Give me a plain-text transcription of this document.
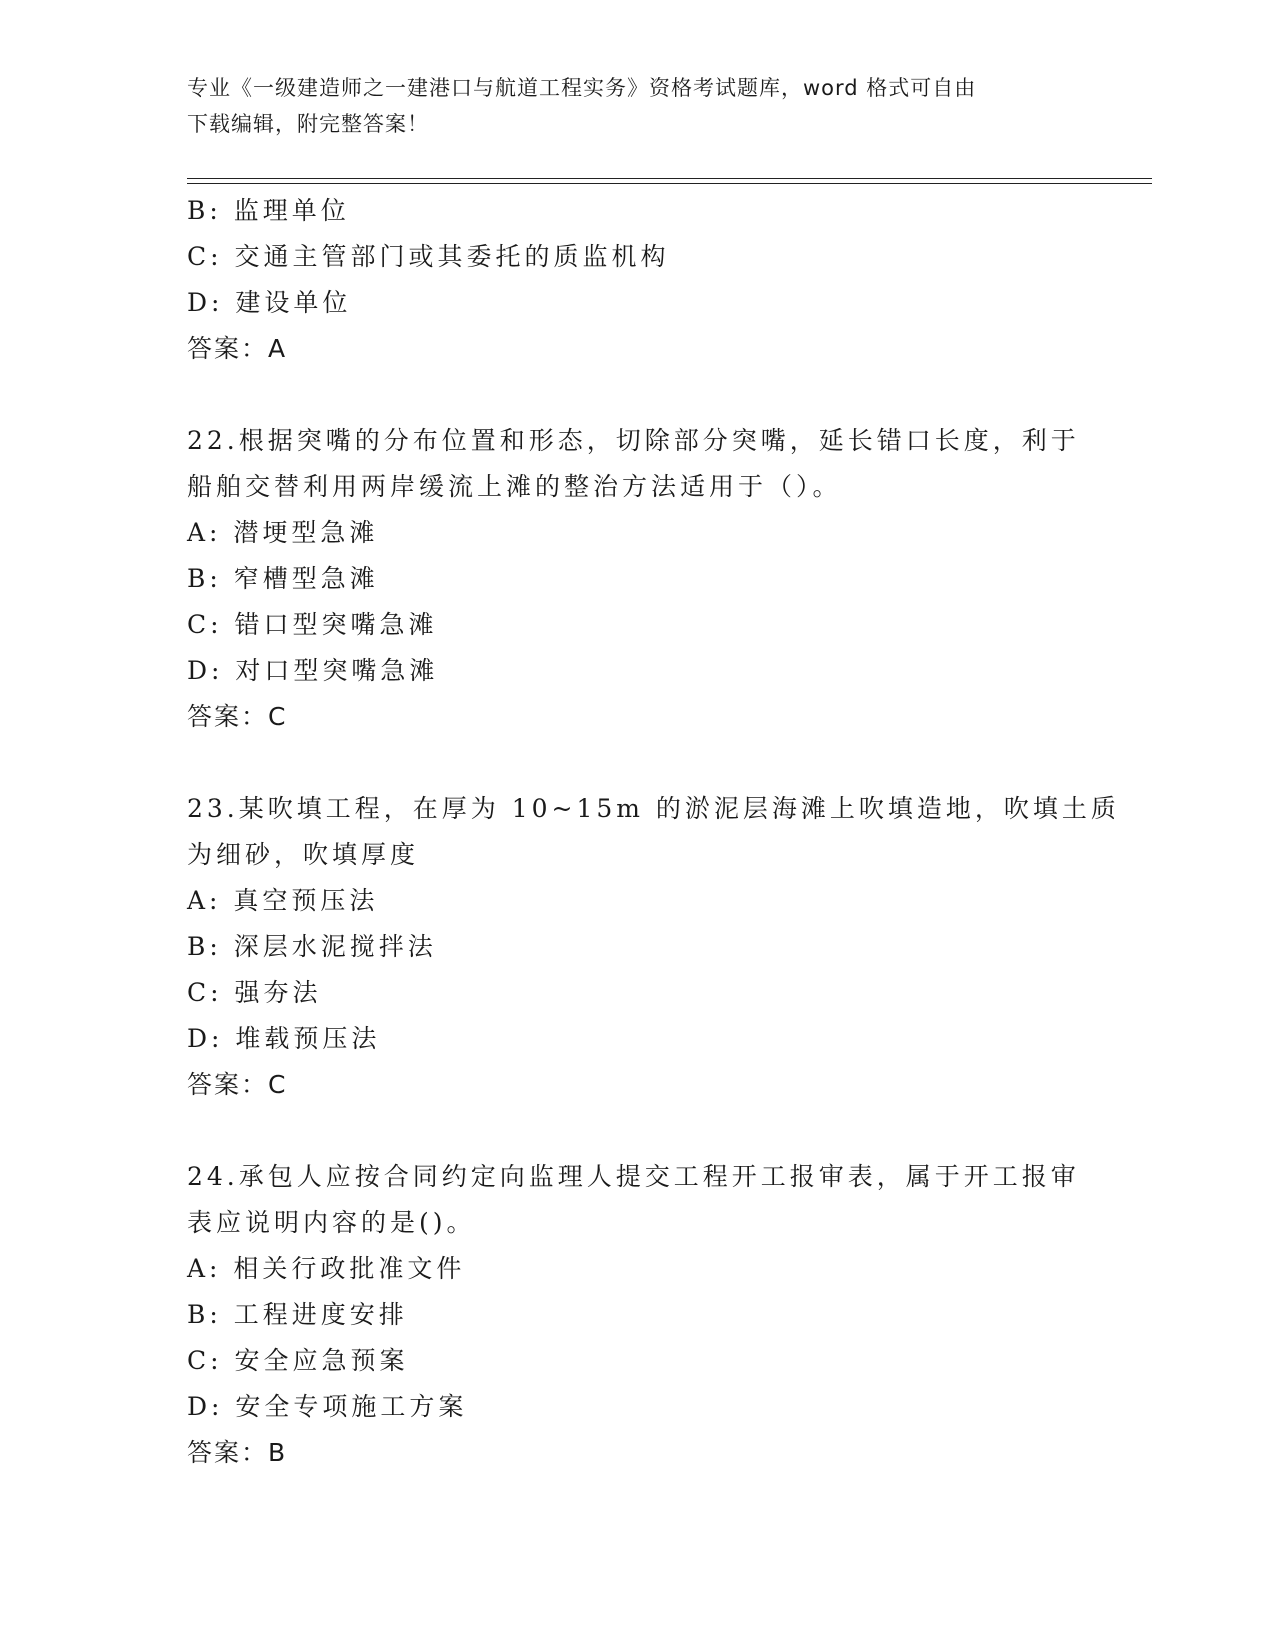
专业《一级建造师之一建港口与航道工程实务》资格考试题库，word 格式可自由
下载编辑，附完整答案！
B: 监理单位
C: 交通主管部门或其委托的质监机构
D: 建设单位
答案：A
22.根据突嘴的分布位置和形态，切除部分突嘴，延长错口长度，利于
船舶交替利用两岸缓流上滩的整治方法适用于（）。
A: 潜埂型急滩
B: 窄槽型急滩
C: 错口型突嘴急滩
D: 对口型突嘴急滩
答案：C
23.某吹填工程，在厚为 10~15m 的淤泥层海滩上吹填造地，吹填土质
为细砂，吹填厚度
A: 真空预压法
B: 深层水泥搅拌法
C: 强夯法
D: 堆载预压法
答案：C
24.承包人应按合同约定向监理人提交工程开工报审表，属于开工报审
表应说明内容的是()。
A: 相关行政批准文件
B: 工程进度安排
C: 安全应急预案
D: 安全专项施工方案
答案：B
